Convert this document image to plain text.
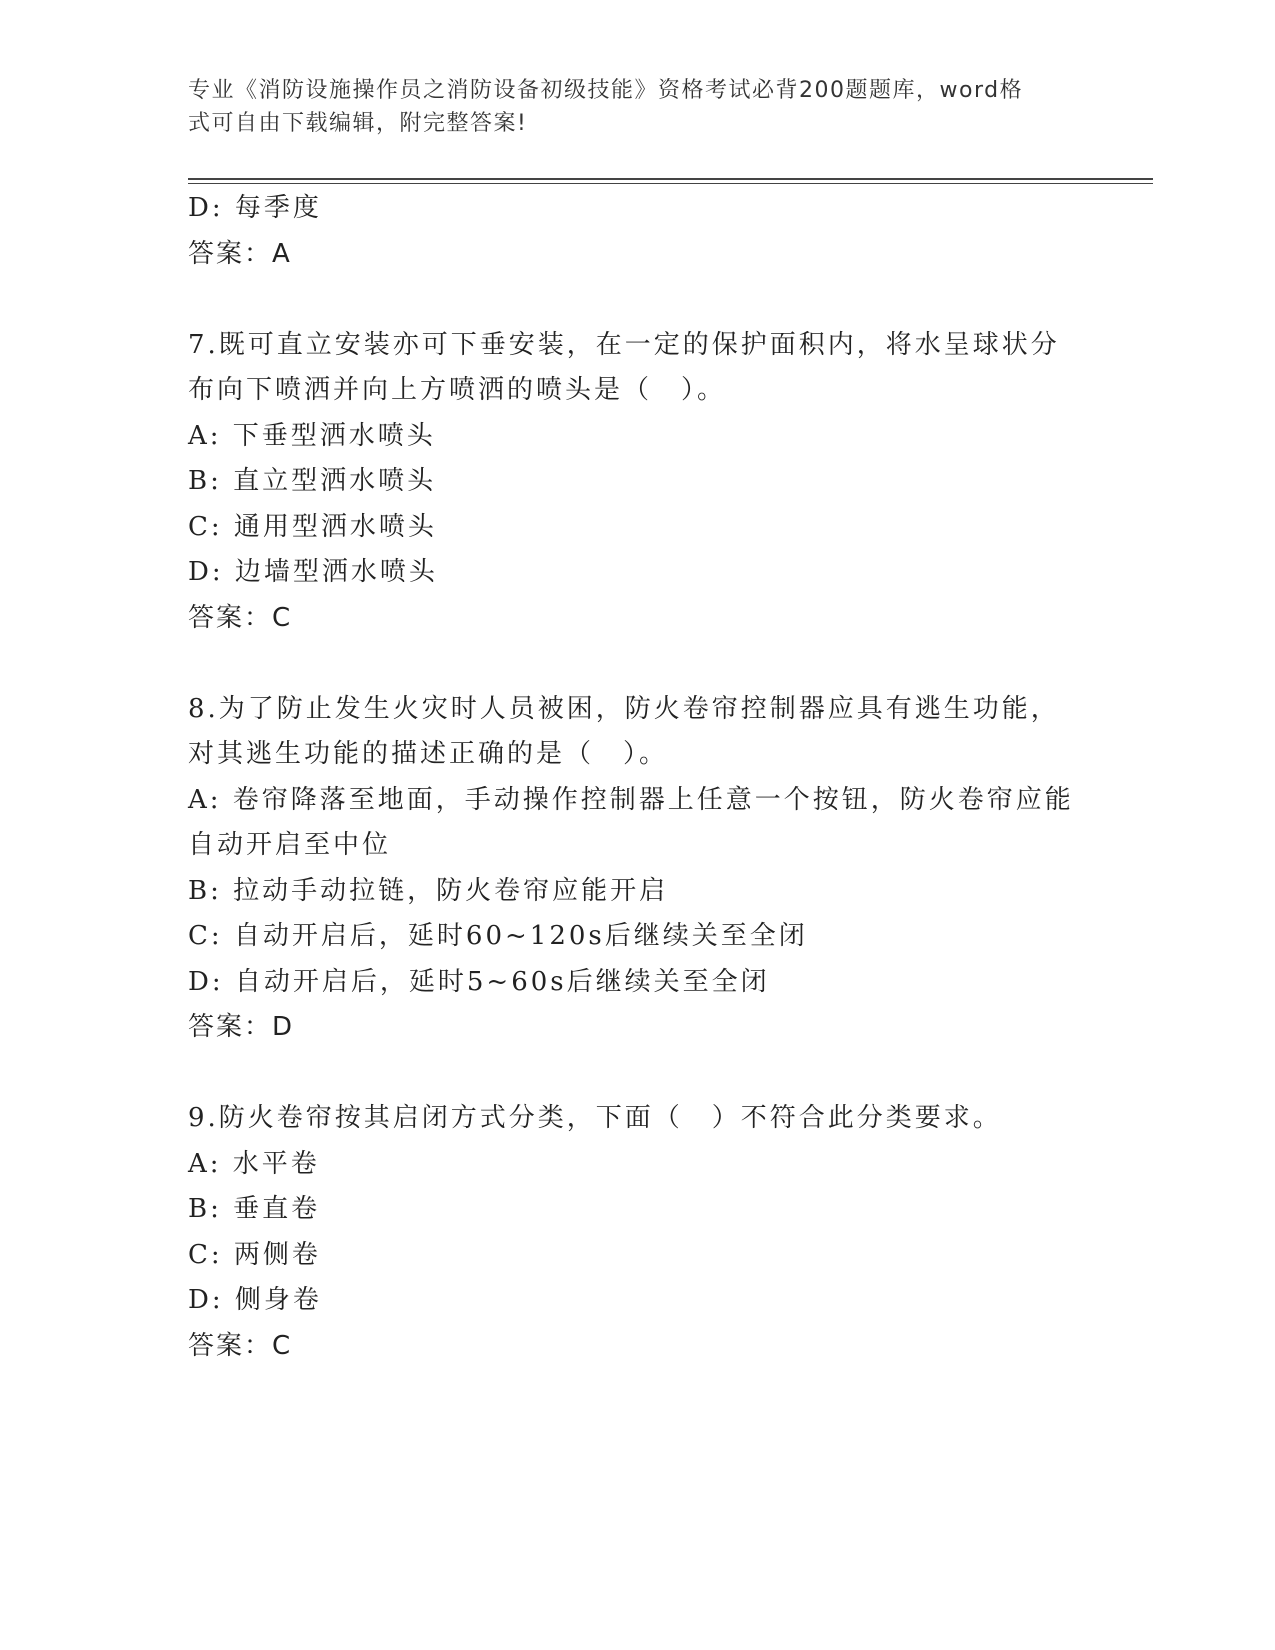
专业《消防设施操作员之消防设备初级技能》资格考试必背200题题库，word格
式可自由下载编辑，附完整答案!
D: 每季度
答案：A
7.既可直立安装亦可下垂安装，在一定的保护面积内，将水呈球状分
布向下喷洒并向上方喷洒的喷头是（　）。
A: 下垂型洒水喷头
B: 直立型洒水喷头
C: 通用型洒水喷头
D: 边墙型洒水喷头
答案：C
8.为了防止发生火灾时人员被困，防火卷帘控制器应具有逃生功能，
对其逃生功能的描述正确的是（　）。
A: 卷帘降落至地面，手动操作控制器上任意一个按钮，防火卷帘应能
自动开启至中位
B: 拉动手动拉链，防火卷帘应能开启
C: 自动开启后，延时60~120s后继续关至全闭
D: 自动开启后，延时5~60s后继续关至全闭
答案：D
9.防火卷帘按其启闭方式分类，下面（　）不符合此分类要求。
A: 水平卷
B: 垂直卷
C: 两侧卷
D: 侧身卷
答案：C
